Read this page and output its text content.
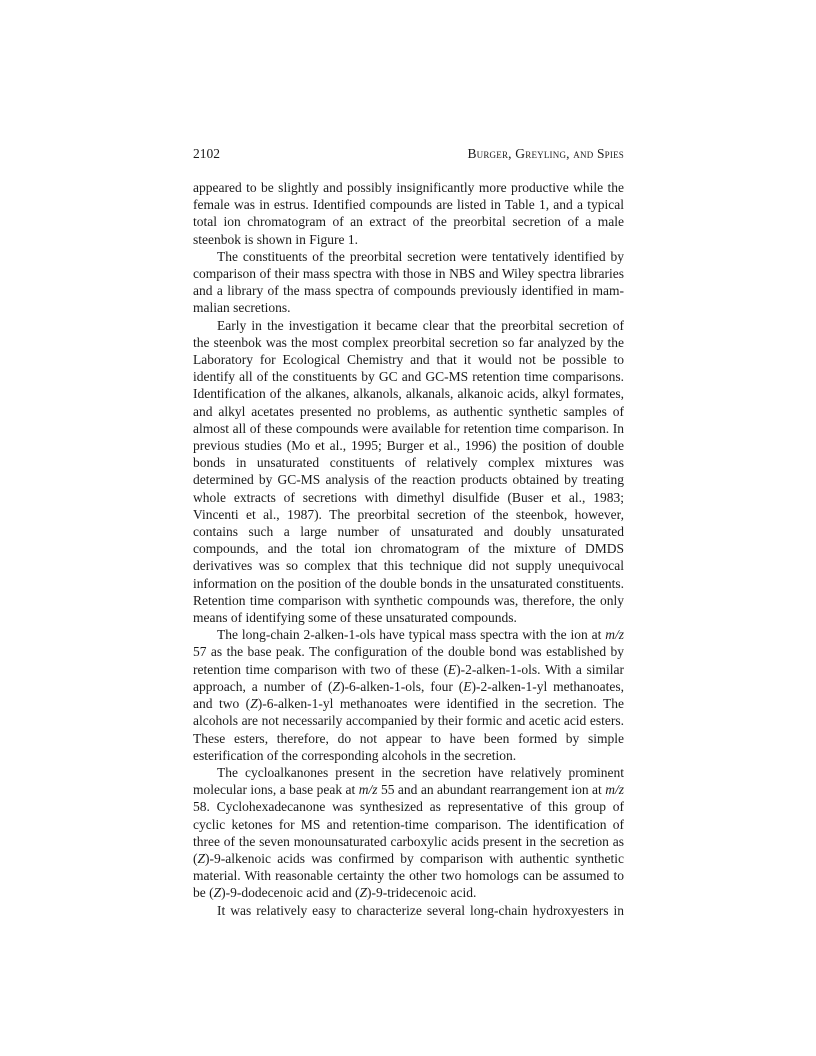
2102	Burger, Greyling, and Spies

appeared to be slightly and possibly insignificantly more productive while the female was in estrus. Identified compounds are listed in Table 1, and a typical total ion chromatogram of an extract of the preorbital secretion of a male steenbok is shown in Figure 1.

The constituents of the preorbital secretion were tentatively identified by comparison of their mass spectra with those in NBS and Wiley spectra libraries and a library of the mass spectra of compounds previously identified in mammalian secretions.

Early in the investigation it became clear that the preorbital secretion of the steenbok was the most complex preorbital secretion so far analyzed by the Laboratory for Ecological Chemistry and that it would not be possible to identify all of the constituents by GC and GC-MS retention time comparisons. Identification of the alkanes, alkanols, alkanals, alkanoic acids, alkyl formates, and alkyl acetates presented no problems, as authentic synthetic samples of almost all of these compounds were available for retention time comparison. In previous studies (Mo et al., 1995; Burger et al., 1996) the position of double bonds in unsaturated constituents of relatively complex mixtures was determined by GC-MS analysis of the reaction products obtained by treating whole extracts of secretions with dimethyl disulfide (Buser et al., 1983; Vincenti et al., 1987). The preorbital secretion of the steenbok, however, contains such a large number of unsaturated and doubly unsaturated compounds, and the total ion chromatogram of the mixture of DMDS derivatives was so complex that this technique did not supply unequivocal information on the position of the double bonds in the unsaturated constituents. Retention time comparison with synthetic compounds was, therefore, the only means of identifying some of these unsaturated compounds.

The long-chain 2-alken-1-ols have typical mass spectra with the ion at m/z 57 as the base peak. The configuration of the double bond was established by retention time comparison with two of these (E)-2-alken-1-ols. With a similar approach, a number of (Z)-6-alken-1-ols, four (E)-2-alken-1-yl methanoates, and two (Z)-6-alken-1-yl methanoates were identified in the secretion. The alcohols are not necessarily accompanied by their formic and acetic acid esters. These esters, therefore, do not appear to have been formed by simple esterification of the corresponding alcohols in the secretion.

The cycloalkanones present in the secretion have relatively prominent molecular ions, a base peak at m/z 55 and an abundant rearrangement ion at m/z 58. Cyclohexadecanone was synthesized as representative of this group of cyclic ketones for MS and retention-time comparison. The identification of three of the seven monounsaturated carboxylic acids present in the secretion as (Z)-9-alkenoic acids was confirmed by comparison with authentic synthetic material. With reasonable certainty the other two homologs can be assumed to be (Z)-9-dodecenoic acid and (Z)-9-tridecenoic acid.

It was relatively easy to characterize several long-chain hydroxyesters in
